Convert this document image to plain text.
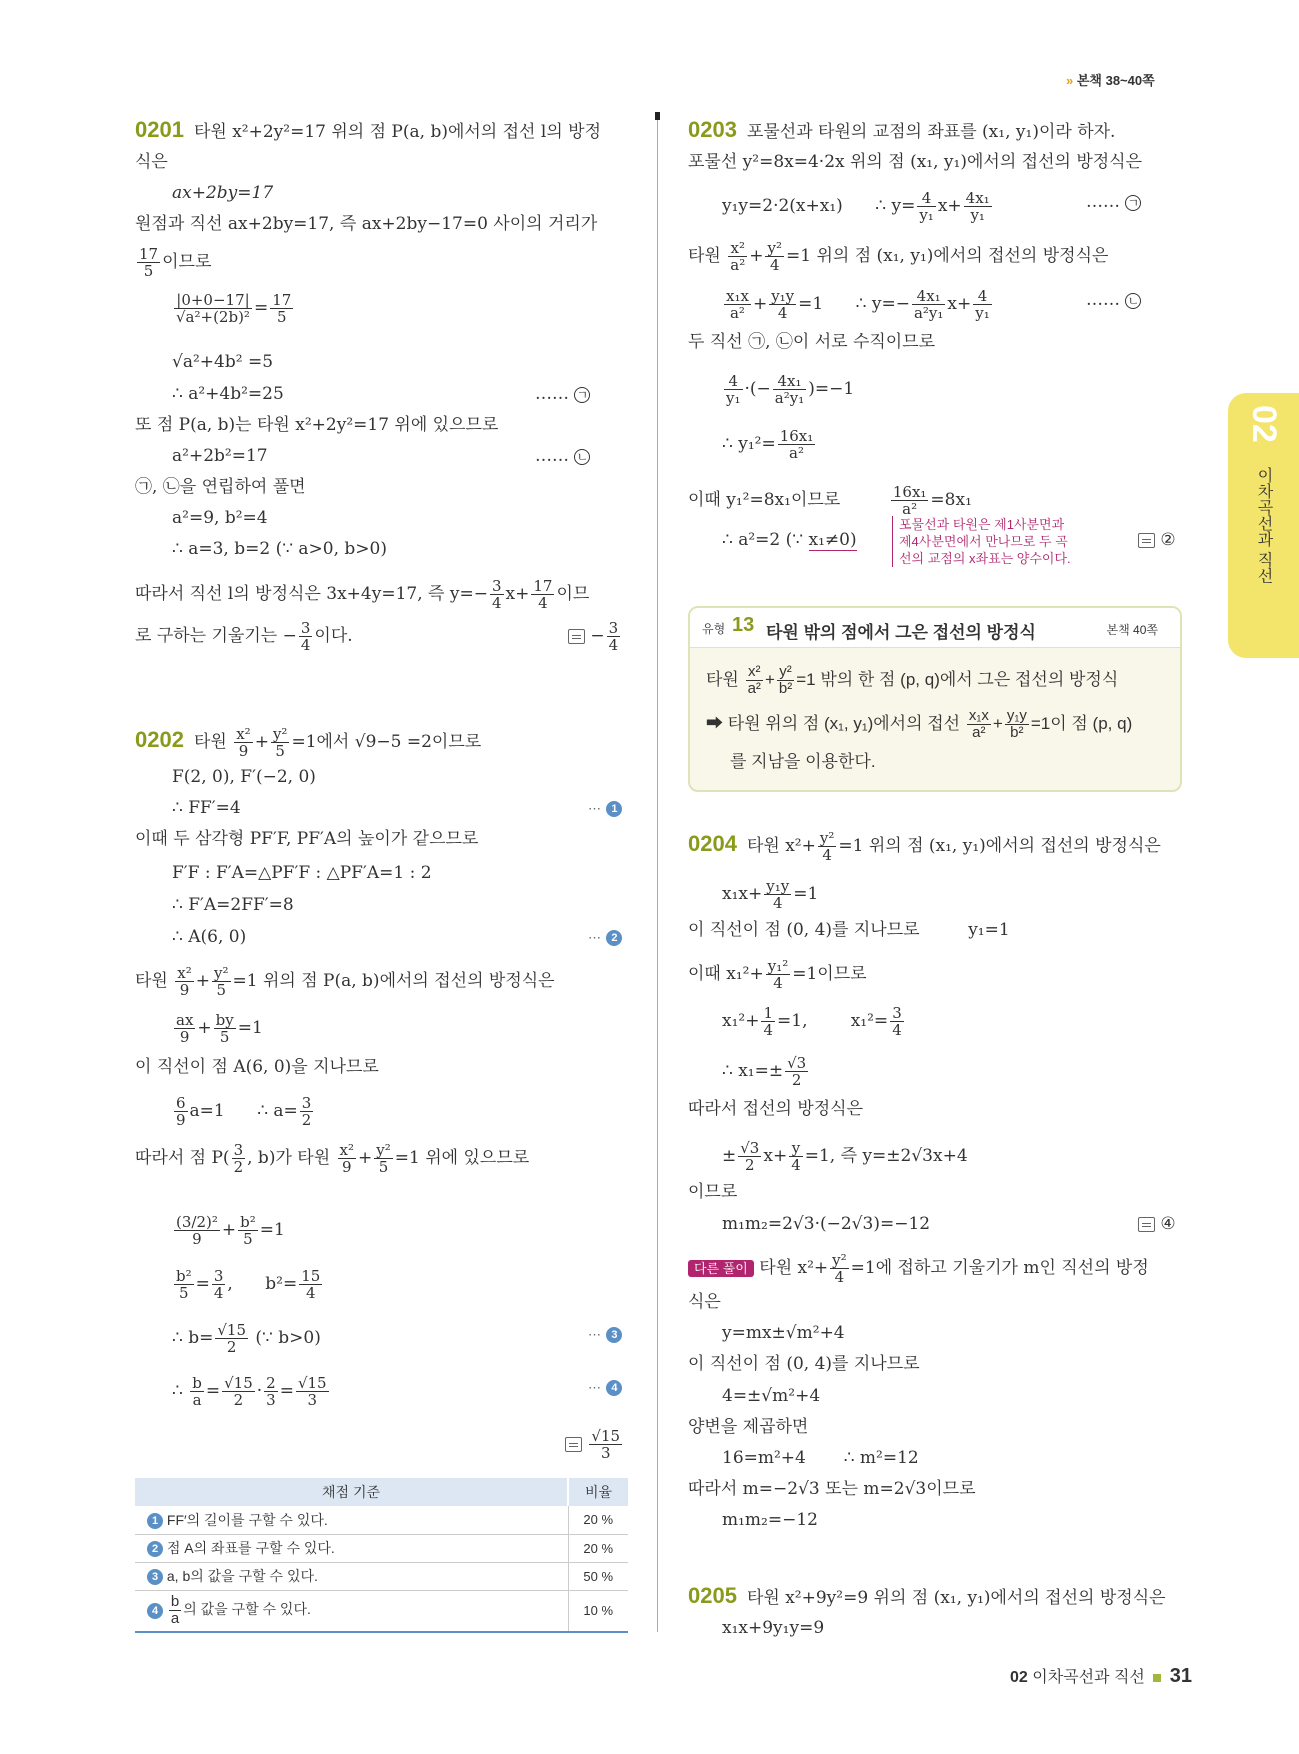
» 본책 38~40쪽
02
이차곡선과 직선
0201 타원 x²+2y²=17 위의 점 P(a, b)에서의 접선 l의 방정
식은
ax+2by=17
원점과 직선 ax+2by=17, 즉 ax+2by−17=0 사이의 거리가
$\frac{17}{5}$ 이므로
$\frac{|0+0-17|}{\text{√a²+(2b)²}} = \frac{17}{5}$
√a²+4b² =5
∴ a²+4b²=25	…… ㄱ
또 점 P(a, b)는 타원 x²+2y²=17 위에 있으므로
a²+2b²=17	…… ㄴ
㉠, ㉡을 연립하여 풀면
a²=9, b²=4
∴ a=3, b=2 (∵ a>0, b>0)
따라서 직선 l의 방정식은 3x+4y=17, 즉 $y=- \frac{3}{4} x+ \frac{17}{4}$ 이므
로 구하는 기울기는 − $\frac{3}{4}$ 이다.	− $\frac{3}{4}$
0202 타원 $\frac{\text{x²}}{9} + \frac{\text{y²}}{5} =1$에서 √9−5 =2이므로
F(2, 0), F′(−2, 0)
∴ FF′=4	⋯ 1
이때 두 삼각형 PF′F, PF′A의 높이가 같으므로
F′F : F′A=△PF′F : △PF′A=1 : 2
∴ F′A=2FF′=8
∴ A(6, 0)	⋯ 2
타원 $\frac{\text{x²}}{9} + \frac{\text{y²}}{5} =1$ 위의 점 P(a, b)에서의 접선의 방정식은
$\frac{ax}{9} + \frac{by}{5} =1$
이 직선이 점 A(6, 0)을 지나므로
$\frac{6}{9} a=1$ ∴ $a= \frac{3}{2}$
따라서 점 $P( \frac{3}{2}$ , b)가 타원 $\frac{\text{x²}}{9} + \frac{\text{y²}}{5} =1$ 위에 있으므로
$\frac{\text{(3/2)²}}{9} + \frac{\text{b²}}{5} =1$
$\frac{\text{b²}}{5} = \frac{3}{4}$ ,      $b^2= \frac{15}{4}$
∴ $b= \frac{√15}{2}$ (∵ b>0)	⋯ 3
∴ $\frac{b}{a} = \frac{√15}{2} \cdot \frac{2}{3} = \frac{√15}{3}$	⋯ 4

$\frac{√15}{3}$
채점 기준	비율
1 FF′의 길이를 구할 수 있다.	20 %
2 점 A의 좌표를 구할 수 있다.	20 %
3 a, b의 값을 구할 수 있다.	50 %
$4 \frac{b}{a}$ 의 값을 구할 수 있다.	10 %
0203 포물선과 타원의 교점의 좌표를 (x₁, y₁)이라 하자.
포물선 y²=8x=4·2x 위의 점 (x₁, y₁)에서의 접선의 방정식은
y₁y=2·2(x+x₁) ∴ $y= \frac{4}{\text{y₁}} x+ \frac{\text{4x₁}}{\text{y₁}}$	…… ㄱ
타원 $\frac{\text{x²}}{\text{a²}} + \frac{\text{y²}}{4} =1$ 위의 점 (x₁, y₁)에서의 접선의 방정식은
$\frac{\text{x₁x}}{\text{a²}} + \frac{\text{y₁y}}{4} =1$ ∴ $y=- \frac{\text{4x₁}}{\text{a²y₁}} x+ \frac{4}{\text{y₁}}$	…… ㄴ
두 직선 ㉠, ㉡이 서로 수직이므로
$\frac{4}{\text{y₁}}$ ·(− $\frac{\text{4x₁}}{\text{a²y₁}} )=-1$
∴ $y_1^2= \frac{\text{16x₁}}{\text{a²}}$
이때 y₁²=8x₁이므로	$\frac{\text{16x₁}}{\text{a²}} =8x_1$
∴ a²=2 (∵ x₁≠0)
포물선과 타원은 제1사분면과
제4사분면에서 만나므로 두 곡
선의 교점의 x좌표는 양수이다.
②
유형 13 타원 밖의 점에서 그은 접선의 방정식	본책 40쪽
타원 $\frac{\text{x²}}{\text{a²}} + \frac{\text{y²}}{\text{b²}} =1$ 밖의 한 점 (p, q)에서 그은 접선의 방정식
➡ 타원 위의 점 (x₁, y₁)에서의 접선 $\frac{\text{x₁x}}{\text{a²}} + \frac{\text{y₁y}}{\text{b²}} =1$이 점 (p, q)
를 지남을 이용한다.
0204 타원 $x^2+ \frac{\text{y²}}{4} =1$ 위의 점 (x₁, y₁)에서의 접선의 방정식은
$x_1x+ \frac{\text{y₁y}}{4} =1$
이 직선이 점 (0, 4)를 지나므로	y₁=1
이때 $x_1^2+ \frac{\text{y₁²}}{4} =1$이므로
$x_1^2+ \frac{1}{4} =1$,	$x_1^2= \frac{3}{4}$
∴ $x_1=\pm \frac{√3}{2}$
따라서 접선의 방정식은
± $\frac{√3}{2} x+ \frac{y}{4} =1$, 즉 y=±2√3x+4
이므로
m₁m₂=2√3·(−2√3)=−12	④
다른 풀이 타원 $x^2+ \frac{\text{y²}}{4} =1$에 접하고 기울기가 m인 직선의 방정
식은
y=mx±√m²+4
이 직선이 점 (0, 4)를 지나므로
4=±√m²+4
양변을 제곱하면
16=m²+4 ∴ m²=12
따라서 m=−2√3 또는 m=2√3이므로
m₁m₂=−12
0205 타원 x²+9y²=9 위의 점 (x₁, y₁)에서의 접선의 방정식은
x₁x+9y₁y=9
02 이차곡선과 직선 31
